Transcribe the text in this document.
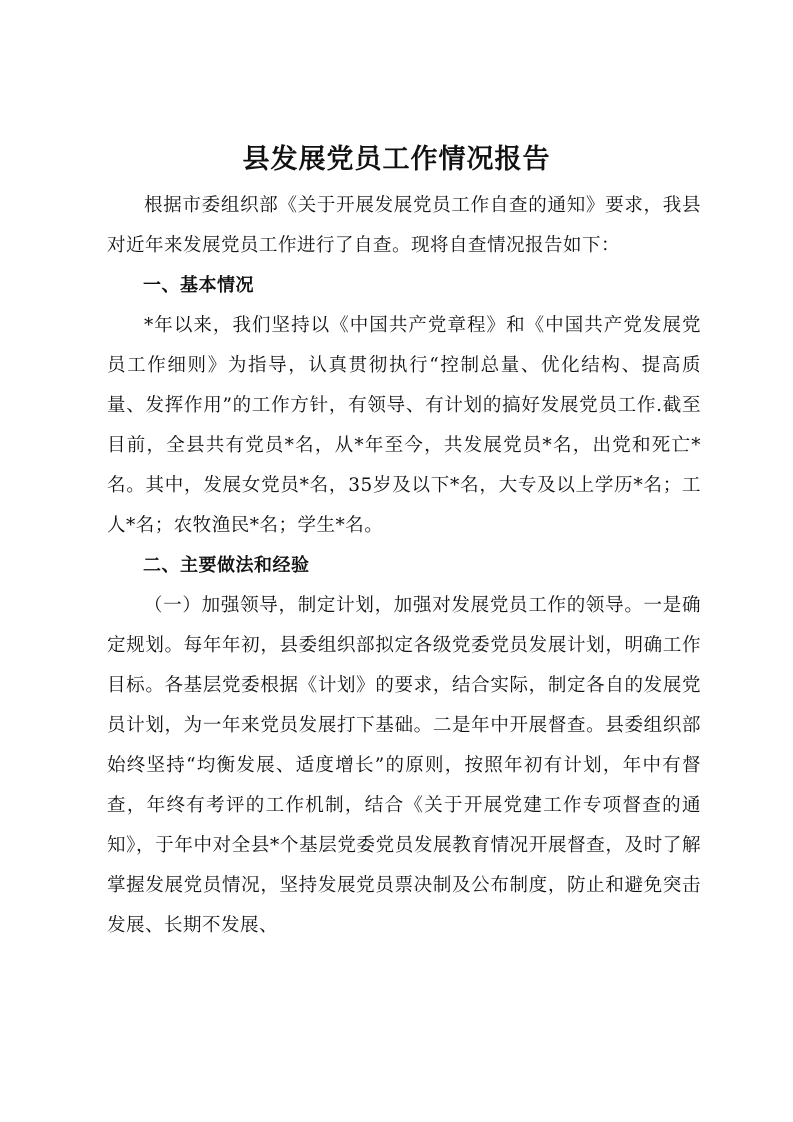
县发展党员工作情况报告

根据市委组织部《关于开展发展党员工作自查的通知》要求，我县对近年来发展党员工作进行了自查。现将自查情况报告如下：

一、基本情况

*年以来，我们坚持以《中国共产党章程》和《中国共产党发展党员工作细则》为指导，认真贯彻执行“控制总量、优化结构、提高质量、发挥作用”的工作方针，有领导、有计划的搞好发展党员工作.截至目前，全县共有党员*名，从*年至今，共发展党员*名，出党和死亡*名。其中，发展女党员*名，35岁及以下*名，大专及以上学历*名；工人*名；农牧渔民*名；学生*名。

二、主要做法和经验

（一）加强领导，制定计划，加强对发展党员工作的领导。一是确定规划。每年年初，县委组织部拟定各级党委党员发展计划，明确工作目标。各基层党委根据《计划》的要求，结合实际，制定各自的发展党员计划，为一年来党员发展打下基础。二是年中开展督查。县委组织部始终坚持“均衡发展、适度增长”的原则，按照年初有计划，年中有督查，年终有考评的工作机制，结合《关于开展党建工作专项督查的通知》，于年中对全县*个基层党委党员发展教育情况开展督查，及时了解掌握发展党员情况，坚持发展党员票决制及公布制度，防止和避免突击发展、长期不发展、
